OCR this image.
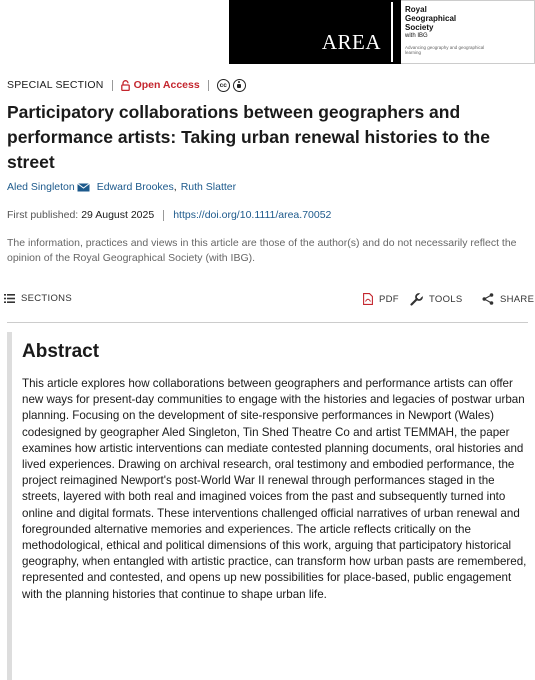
AREA
Royal Geographical Society
with IBG
Advancing geography and geographical learning
SPECIAL SECTION	Open Access	cc
Participatory collaborations between geographers and performance artists: Taking urban renewal histories to the street
Aled Singleton Edward Brookes , Ruth Slatter
First published: 29 August 2025 https://doi.org/10.1111/area.70052

The information, practices and views in this article are those of the author(s) and do not necessarily reflect the opinion of the Royal Geographical Society (with IBG).

SECTIONS	PDF	TOOLS	SHARE
Abstract

This article explores how collaborations between geographers and performance artists can offer new ways for present-day communities to engage with the histories and legacies of postwar urban planning. Focusing on the development of site-responsive performances in Newport (Wales) codesigned by geographer Aled Singleton, Tin Shed Theatre Co and artist TEMMAH, the paper examines how artistic interventions can mediate contested planning documents, oral histories and lived experiences. Drawing on archival research, oral testimony and embodied performance, the project reimagined Newport's post-World War II renewal through performances staged in the streets, layered with both real and imagined voices from the past and subsequently turned into online and digital formats. These interventions challenged official narratives of urban renewal and foregrounded alternative memories and experiences. The article reflects critically on the methodological, ethical and political dimensions of this work, arguing that participatory historical geography, when entangled with artistic practice, can transform how urban pasts are remembered, represented and contested, and opens up new possibilities for place-based, public engagement with the planning histories that continue to shape urban life.
